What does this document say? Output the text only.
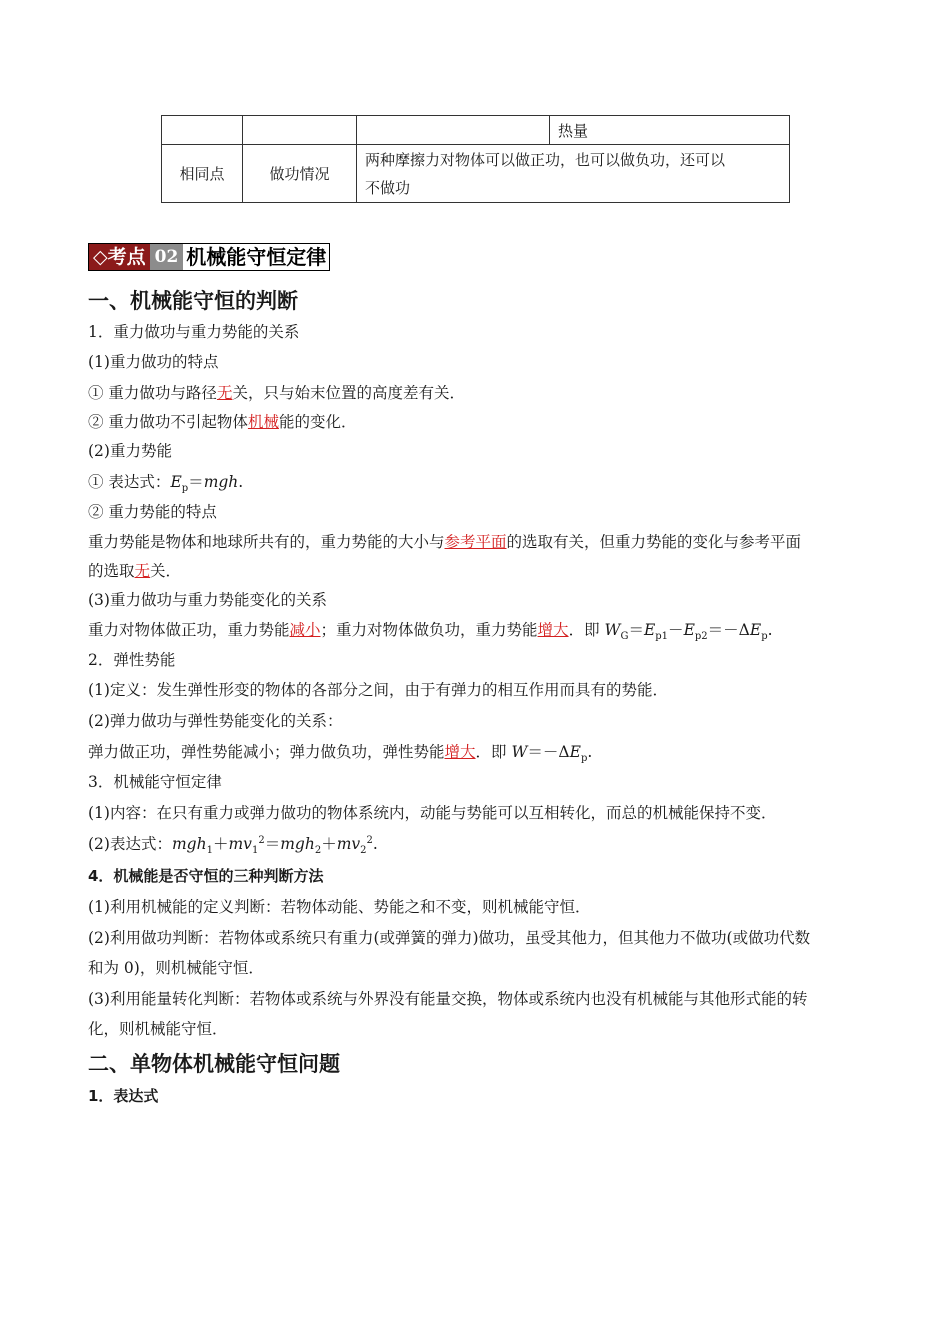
			热量
相同点	做功情况	两种摩擦力对物体可以做正功，也可以做负功，还可以
不做功	
◇考点 02 机械能守恒定律
一、机械能守恒的判断
1．重力做功与重力势能的关系
(1)重力做功的特点
① 重力做功与路径无关，只与始末位置的高度差有关．
② 重力做功不引起物体机械能的变化．
(2)重力势能
① 表达式：$E_p=mgh$.
② 重力势能的特点
重力势能是物体和地球所共有的，重力势能的大小与参考平面的选取有关，但重力势能的变化与参考平面
的选取无关．
(3)重力做功与重力势能变化的关系
重力对物体做正功，重力势能减小；重力对物体做负功，重力势能增大．即 $W_G=E_{p1}-E_{p2}=-\Delta E_p$.
2．弹性势能
(1)定义：发生弹性形变的物体的各部分之间，由于有弹力的相互作用而具有的势能．
(2)弹力做功与弹性势能变化的关系：
弹力做正功，弹性势能减小；弹力做负功，弹性势能增大．即 $W=-\Delta E_p$.
3．机械能守恒定律
(1)内容：在只有重力或弹力做功的物体系统内，动能与势能可以互相转化，而总的机械能保持不变．
(2)表达式：$mgh_1+mv_1^2=mgh_2+mv_2^2$.
4．机械能是否守恒的三种判断方法
(1)利用机械能的定义判断：若物体动能、势能之和不变，则机械能守恒．
(2)利用做功判断：若物体或系统只有重力(或弹簧的弹力)做功，虽受其他力，但其他力不做功(或做功代数
和为 0)，则机械能守恒．
(3)利用能量转化判断：若物体或系统与外界没有能量交换，物体或系统内也没有机械能与其他形式能的转
化，则机械能守恒．
二、单物体机械能守恒问题
1．表达式
